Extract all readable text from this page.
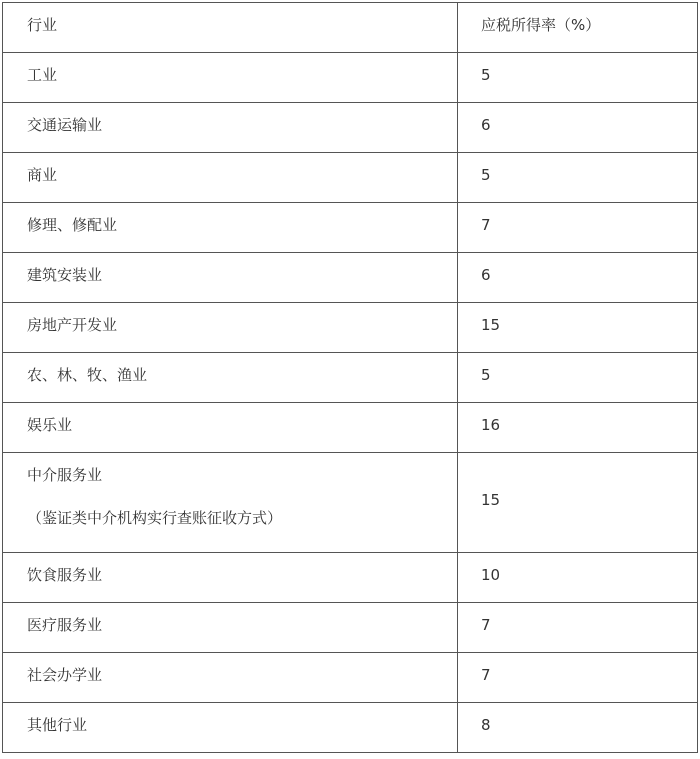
行业	应税所得率（%）
工业	5
交通运输业	6
商业	5
修理、修配业	7
建筑安装业	6
房地产开发业	15
农、林、牧、渔业	5
娱乐业	16
中介服务业
（鉴证类中介机构实行查账征收方式）	15
饮食服务业	10
医疗服务业	7
社会办学业	7
其他行业	8
